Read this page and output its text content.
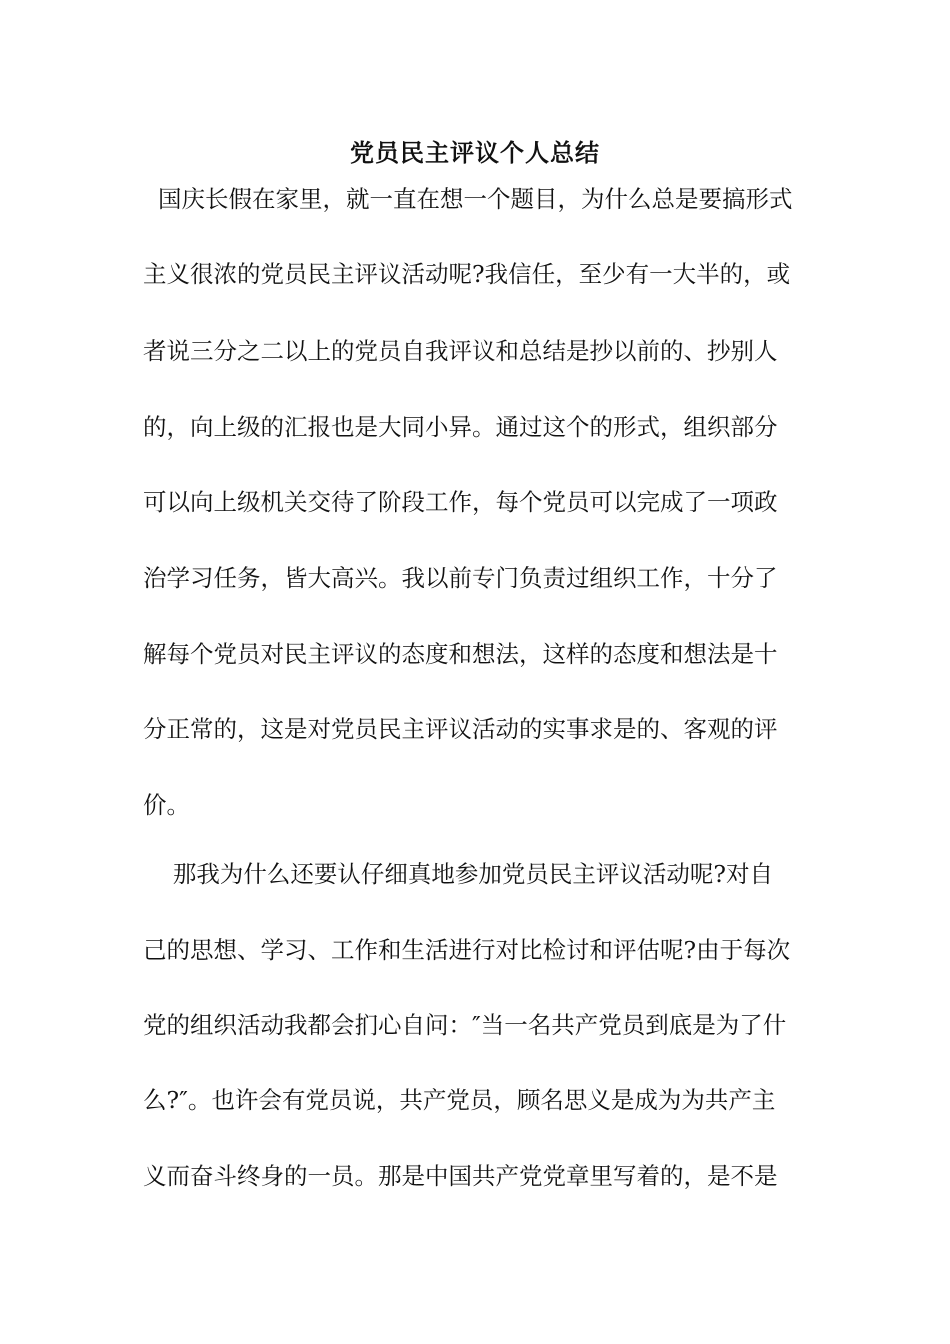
党员民主评议个人总结
国庆长假在家里，就一直在想一个题目，为什么总是要搞形式
主义很浓的党员民主评议活动呢?我信任，至少有一大半的，或
者说三分之二以上的党员自我评议和总结是抄以前的、抄别人
的，向上级的汇报也是大同小异。通过这个的形式，组织部分
可以向上级机关交待了阶段工作，每个党员可以完成了一项政
治学习任务，皆大高兴。我以前专门负责过组织工作，十分了
解每个党员对民主评议的态度和想法，这样的态度和想法是十
分正常的，这是对党员民主评议活动的实事求是的、客观的评
价。
那我为什么还要认仔细真地参加党员民主评议活动呢?对自
己的思想、学习、工作和生活进行对比检讨和评估呢?由于每次
党的组织活动我都会扪心自问：″当一名共产党员到底是为了什
么?″。也许会有党员说，共产党员，顾名思义是成为为共产主
义而奋斗终身的一员。那是中国共产党党章里写着的，是不是
